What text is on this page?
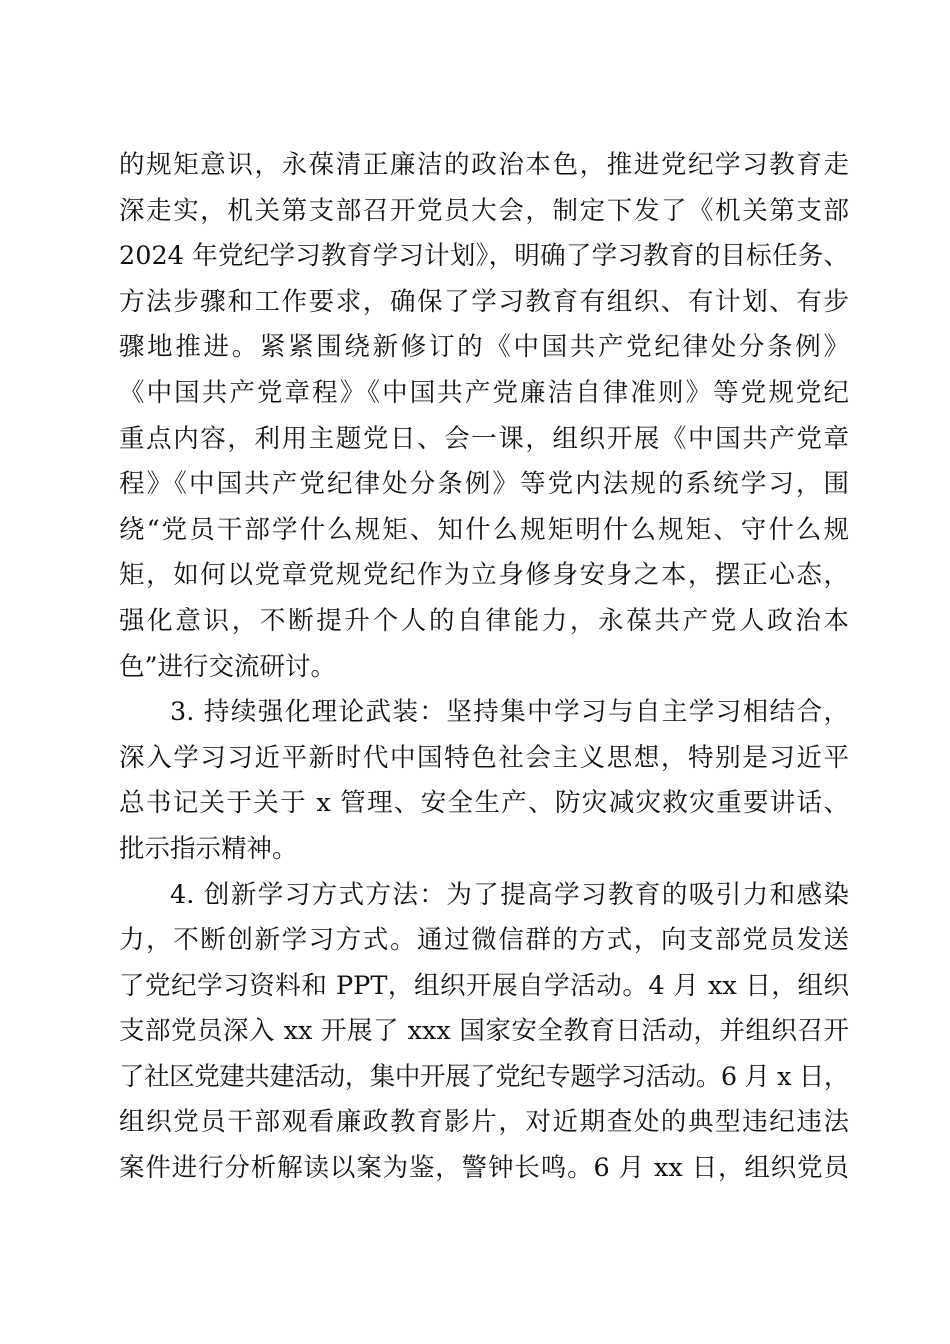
的规矩意识，永葆清正廉洁的政治本色，推进党纪学习教育走
深走实，机关第支部召开党员大会，制定下发了《机关第支部
2024 年党纪学习教育学习计划》，明确了学习教育的目标任务、
方法步骤和工作要求，确保了学习教育有组织、有计划、有步
骤地推进。紧紧围绕新修订的《中国共产党纪律处分条例》
《中国共产党章程》《中国共产党廉洁自律准则》等党规党纪
重点内容，利用主题党日、会一课，组织开展《中国共产党章
程》《中国共产党纪律处分条例》等党内法规的系统学习，围
绕“党员干部学什么规矩、知什么规矩明什么规矩、守什么规
矩，如何以党章党规党纪作为立身修身安身之本，摆正心态，
强化意识，不断提升个人的自律能力，永葆共产党人政治本
色”进行交流研讨。
3. 持续强化理论武装：坚持集中学习与自主学习相结合，
深入学习习近平新时代中国特色社会主义思想，特别是习近平
总书记关于关于 x 管理、安全生产、防灾减灾救灾重要讲话、
批示指示精神。
4. 创新学习方式方法：为了提高学习教育的吸引力和感染
力，不断创新学习方式。通过微信群的方式，向支部党员发送
了党纪学习资料和 PPT，组织开展自学活动。4 月 xx 日，组织
支部党员深入 xx 开展了 xxx 国家安全教育日活动，并组织召开
了社区党建共建活动，集中开展了党纪专题学习活动。6 月 x 日，
组织党员干部观看廉政教育影片，对近期查处的典型违纪违法
案件进行分析解读以案为鉴，警钟长鸣。6 月 xx 日，组织党员
